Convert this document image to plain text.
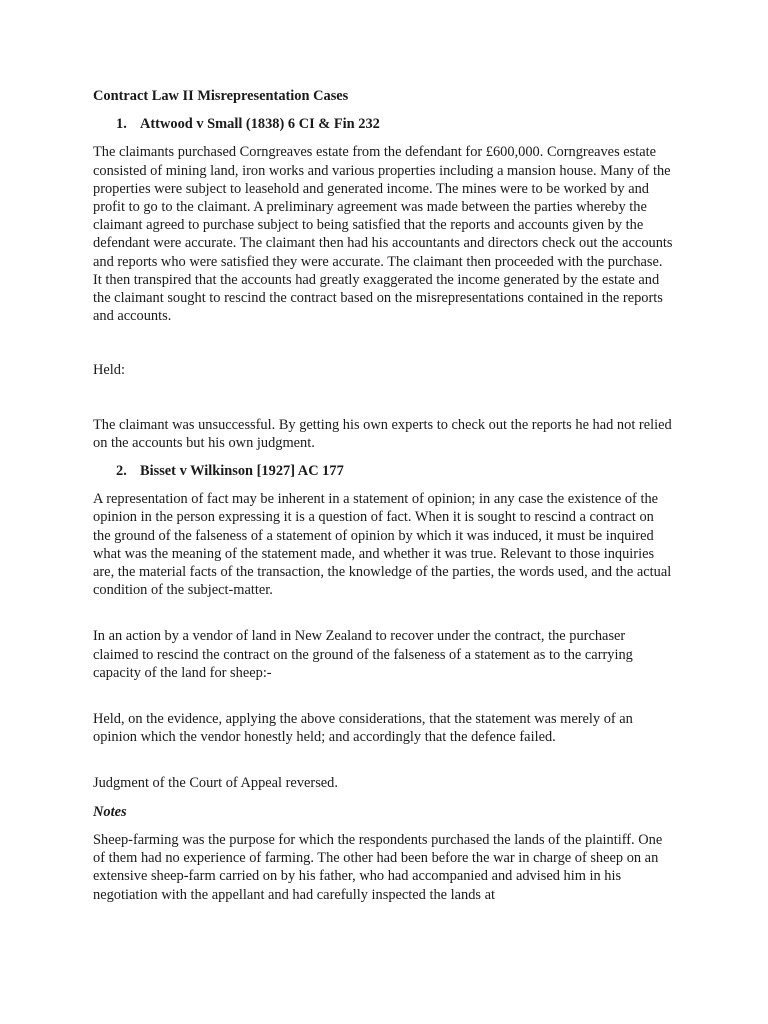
Contract Law II Misrepresentation Cases
1. Attwood v Small (1838) 6 CI & Fin 232

The claimants purchased Corngreaves estate from the defendant for £600,000. Corngreaves estate consisted of mining land, iron works and various properties including a mansion house. Many of the properties were subject to leasehold and generated income. The mines were to be worked by and profit to go to the claimant. A preliminary agreement was made between the parties whereby the claimant agreed to purchase subject to being satisfied that the reports and accounts given by the defendant were accurate. The claimant then had his accountants and directors check out the accounts and reports who were satisfied they were accurate. The claimant then proceeded with the purchase. It then transpired that the accounts had greatly exaggerated the income generated by the estate and the claimant sought to rescind the contract based on the misrepresentations contained in the reports and accounts.

Held:

The claimant was unsuccessful. By getting his own experts to check out the reports he had not relied on the accounts but his own judgment.

2. Bisset v Wilkinson [1927] AC 177

A representation of fact may be inherent in a statement of opinion; in any case the existence of the opinion in the person expressing it is a question of fact. When it is sought to rescind a contract on the ground of the falseness of a statement of opinion by which it was induced, it must be inquired what was the meaning of the statement made, and whether it was true. Relevant to those inquiries are, the material facts of the transaction, the knowledge of the parties, the words used, and the actual condition of the subject-matter.

In an action by a vendor of land in New Zealand to recover under the contract, the purchaser claimed to rescind the contract on the ground of the falseness of a statement as to the carrying capacity of the land for sheep:-

Held, on the evidence, applying the above considerations, that the statement was merely of an opinion which the vendor honestly held; and accordingly that the defence failed.

Judgment of the Court of Appeal reversed.

Notes

Sheep-farming was the purpose for which the respondents purchased the lands of the plaintiff. One of them had no experience of farming. The other had been before the war in charge of sheep on an extensive sheep-farm carried on by his father, who had accompanied and advised him in his negotiation with the appellant and had carefully inspected the lands at
